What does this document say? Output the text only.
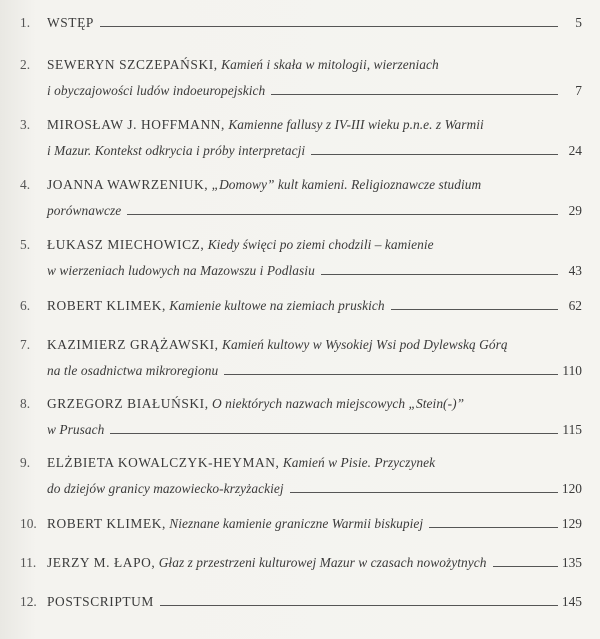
1.	WSTĘP	5
2.	SEWERYN SZCZEPAŃSKI,
Kamień i skała w mitologii, wierzeniach
i obyczajowości ludów indoeuropejskich	7
3.	MIROSŁAW J. HOFFMANN,
Kamienne fallusy z IV-III wieku p.n.e. z Warmii
i Mazur. Kontekst odkrycia i próby interpretacji	24
4.	JOANNA WAWRZENIUK,
„Domowy” kult kamieni. Religioznawcze studium
porównawcze	29
5.	ŁUKASZ MIECHOWICZ,
Kiedy święci po ziemi chodzili – kamienie
w wierzeniach ludowych na Mazowszu i Podlasiu	43
6.	ROBERT KLIMEK,
Kamienie kultowe na ziemiach pruskich	62
7.	KAZIMIERZ GRĄŻAWSKI,
Kamień kultowy w Wysokiej Wsi pod Dylewską Górą
na tle osadnictwa mikroregionu	110
8.	GRZEGORZ BIAŁUŃSKI,
O niektórych nazwach miejscowych „Stein(-)”
w Prusach	115
9.	ELŻBIETA KOWALCZYK-HEYMAN,
Kamień w Pisie. Przyczynek
do dziejów granicy mazowiecko-krzyżackiej	120
10. ROBERT KLIMEK,
Nieznane kamienie graniczne Warmii biskupiej	129
11. JERZY M. ŁAPO,
Głaz z przestrzeni kulturowej Mazur w czasach nowożytnych	135
12. POSTSCRIPTUM	145
